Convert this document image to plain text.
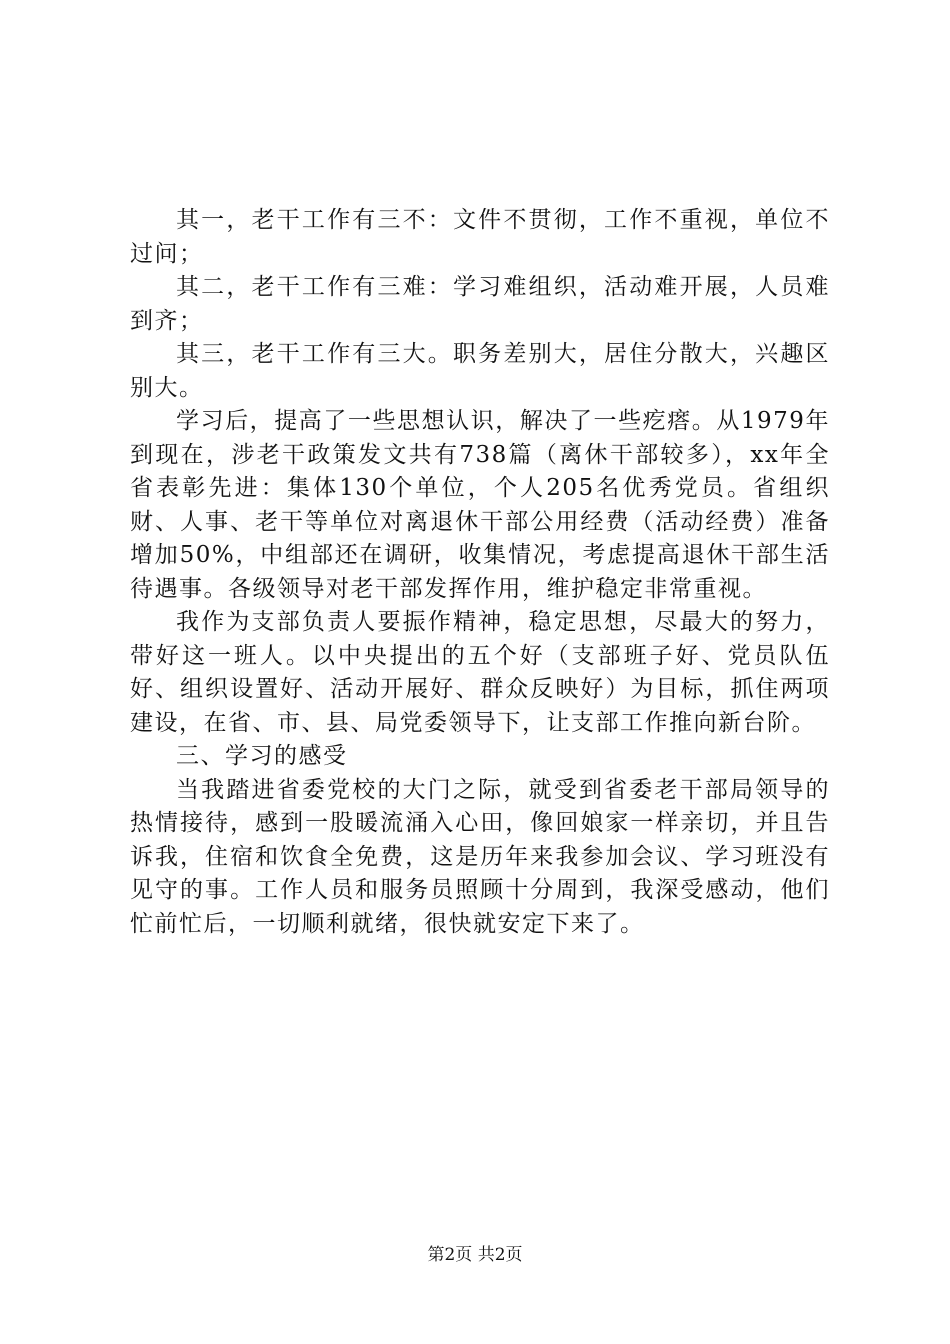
其一，老干工作有三不：文件不贯彻，工作不重视，单位不过问；

其二，老干工作有三难：学习难组织，活动难开展，人员难到齐；

其三，老干工作有三大。职务差别大，居住分散大，兴趣区别大。

学习后，提高了一些思想认识，解决了一些疙瘩。从1979年到现在，涉老干政策发文共有738篇（离休干部较多），xx年全省表彰先进：集体130个单位，个人205名优秀党员。省组织财、人事、老干等单位对离退休干部公用经费（活动经费）准备增加50%，中组部还在调研，收集情况，考虑提高退休干部生活待遇事。各级领导对老干部发挥作用，维护稳定非常重视。

我作为支部负责人要振作精神，稳定思想，尽最大的努力，带好这一班人。以中央提出的五个好（支部班子好、党员队伍好、组织设置好、活动开展好、群众反映好）为目标，抓住两项建设，在省、市、县、局党委领导下，让支部工作推向新台阶。

三、学习的感受

当我踏进省委党校的大门之际，就受到省委老干部局领导的热情接待，感到一股暖流涌入心田，像回娘家一样亲切，并且告诉我，住宿和饮食全免费，这是历年来我参加会议、学习班没有见守的事。工作人员和服务员照顾十分周到，我深受感动，他们忙前忙后，一切顺利就绪，很快就安定下来了。

第2页 共2页
